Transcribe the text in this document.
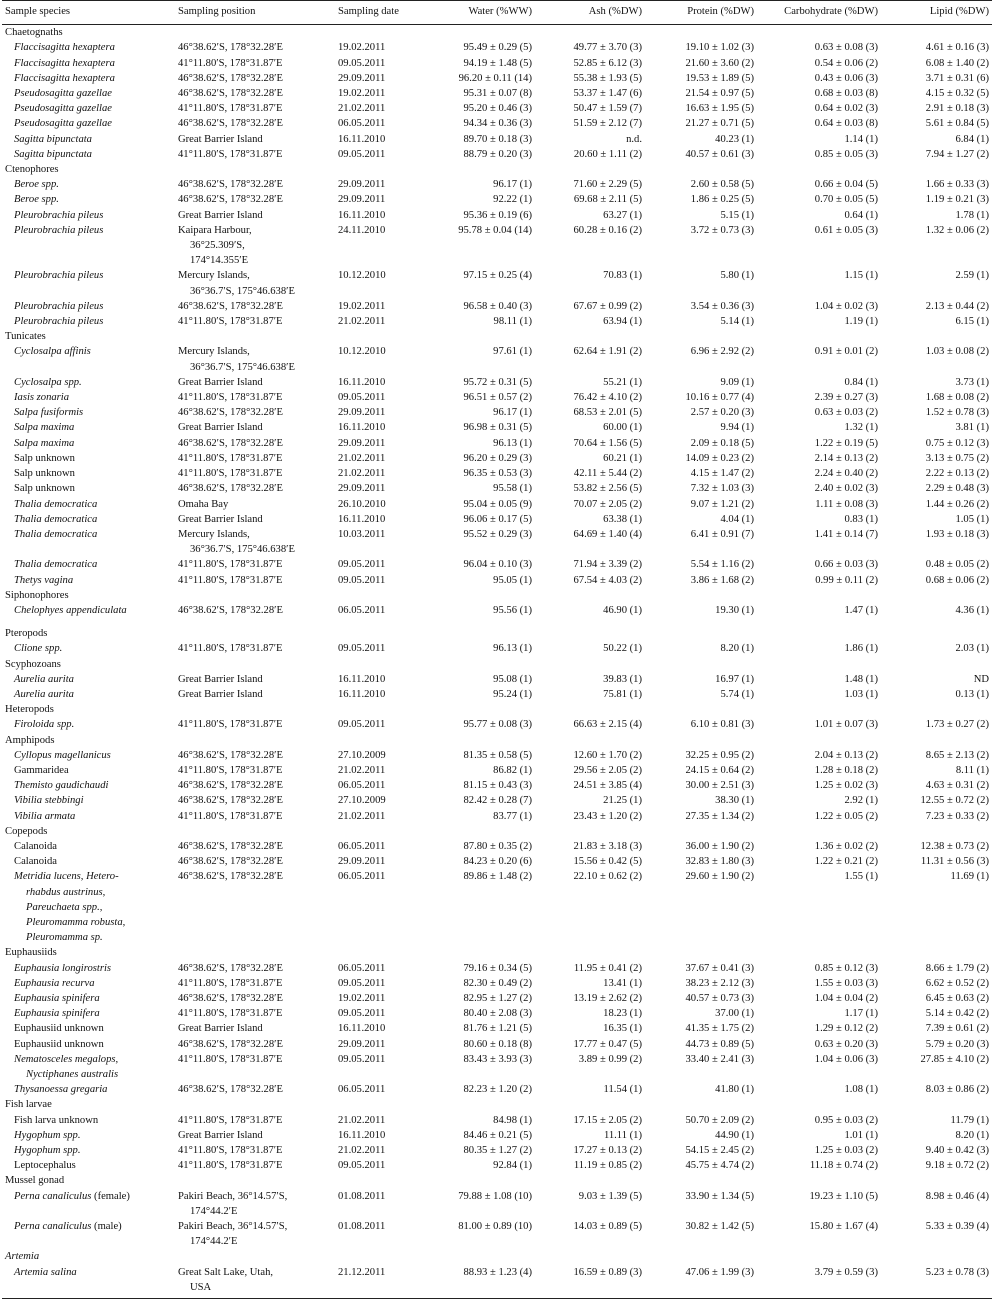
Sample species	Sampling position	Sampling date	Water (%WW)	Ash (%DW)	Protein (%DW)	Carbohydrate (%DW)	Lipid (%DW)
Chaetognaths							
Flaccisagitta hexaptera	46°38.62′S, 178°32.28′E	19.02.2011	95.49 ± 0.29 (5)	49.77 ± 3.70 (3)	19.10 ± 1.02 (3)	0.63 ± 0.08 (3)	4.61 ± 0.16 (3)
Flaccisagitta hexaptera	41°11.80′S, 178°31.87′E	09.05.2011	94.19 ± 1.48 (5)	52.85 ± 6.12 (3)	21.60 ± 3.60 (2)	0.54 ± 0.06 (2)	6.08 ± 1.40 (2)
Flaccisagitta hexaptera	46°38.62′S, 178°32.28′E	29.09.2011	96.20 ± 0.11 (14)	55.38 ± 1.93 (5)	19.53 ± 1.89 (5)	0.43 ± 0.06 (3)	3.71 ± 0.31 (6)
Pseudosagitta gazellae	46°38.62′S, 178°32.28′E	19.02.2011	95.31 ± 0.07 (8)	53.37 ± 1.47 (6)	21.54 ± 0.97 (5)	0.68 ± 0.03 (8)	4.15 ± 0.32 (5)
Pseudosagitta gazellae	41°11.80′S, 178°31.87′E	21.02.2011	95.20 ± 0.46 (3)	50.47 ± 1.59 (7)	16.63 ± 1.95 (5)	0.64 ± 0.02 (3)	2.91 ± 0.18 (3)
Pseudosagitta gazellae	46°38.62′S, 178°32.28′E	06.05.2011	94.34 ± 0.36 (3)	51.59 ± 2.12 (7)	21.27 ± 0.71 (5)	0.64 ± 0.03 (8)	5.61 ± 0.84 (5)
Sagitta bipunctata	Great Barrier Island	16.11.2010	89.70 ± 0.18 (3)	n.d.	40.23 (1)	1.14 (1)	6.84 (1)
Sagitta bipunctata	41°11.80′S, 178°31.87′E	09.05.2011	88.79 ± 0.20 (3)	20.60 ± 1.11 (2)	40.57 ± 0.61 (3)	0.85 ± 0.05 (3)	7.94 ± 1.27 (2)
Ctenophores							
Beroe spp.	46°38.62′S, 178°32.28′E	29.09.2011	96.17 (1)	71.60 ± 2.29 (5)	2.60 ± 0.58 (5)	0.66 ± 0.04 (5)	1.66 ± 0.33 (3)
Beroe spp.	46°38.62′S, 178°32.28′E	29.09.2011	92.22 (1)	69.68 ± 2.11 (5)	1.86 ± 0.25 (5)	0.70 ± 0.05 (5)	1.19 ± 0.21 (3)
Pleurobrachia pileus	Great Barrier Island	16.11.2010	95.36 ± 0.19 (6)	63.27 (1)	5.15 (1)	0.64 (1)	1.78 (1)
Pleurobrachia pileus	Kaipara Harbour,
36°25.309′S,
174°14.355′E	24.11.2010	95.78 ± 0.04 (14)	60.28 ± 0.16 (2)	3.72 ± 0.73 (3)	0.61 ± 0.05 (3)	1.32 ± 0.06 (2)
Pleurobrachia pileus	Mercury Islands,
36°36.7′S, 175°46.638′E	10.12.2010	97.15 ± 0.25 (4)	70.83 (1)	5.80 (1)	1.15 (1)	2.59 (1)
Pleurobrachia pileus	46°38.62′S, 178°32.28′E	19.02.2011	96.58 ± 0.40 (3)	67.67 ± 0.99 (2)	3.54 ± 0.36 (3)	1.04 ± 0.02 (3)	2.13 ± 0.44 (2)
Pleurobrachia pileus	41°11.80′S, 178°31.87′E	21.02.2011	98.11 (1)	63.94 (1)	5.14 (1)	1.19 (1)	6.15 (1)
Tunicates							
Cyclosalpa affinis	Mercury Islands,
36°36.7′S, 175°46.638′E	10.12.2010	97.61 (1)	62.64 ± 1.91 (2)	6.96 ± 2.92 (2)	0.91 ± 0.01 (2)	1.03 ± 0.08 (2)
Cyclosalpa spp.	Great Barrier Island	16.11.2010	95.72 ± 0.31 (5)	55.21 (1)	9.09 (1)	0.84 (1)	3.73 (1)
Iasis zonaria	41°11.80′S, 178°31.87′E	09.05.2011	96.51 ± 0.57 (2)	76.42 ± 4.10 (2)	10.16 ± 0.77 (4)	2.39 ± 0.27 (3)	1.68 ± 0.08 (2)
Salpa fusiformis	46°38.62′S, 178°32.28′E	29.09.2011	96.17 (1)	68.53 ± 2.01 (5)	2.57 ± 0.20 (3)	0.63 ± 0.03 (2)	1.52 ± 0.78 (3)
Salpa maxima	Great Barrier Island	16.11.2010	96.98 ± 0.31 (5)	60.00 (1)	9.94 (1)	1.32 (1)	3.81 (1)
Salpa maxima	46°38.62′S, 178°32.28′E	29.09.2011	96.13 (1)	70.64 ± 1.56 (5)	2.09 ± 0.18 (5)	1.22 ± 0.19 (5)	0.75 ± 0.12 (3)
Salp unknown	41°11.80′S, 178°31.87′E	21.02.2011	96.20 ± 0.29 (3)	60.21 (1)	14.09 ± 0.23 (2)	2.14 ± 0.13 (2)	3.13 ± 0.75 (2)
Salp unknown	41°11.80′S, 178°31.87′E	21.02.2011	96.35 ± 0.53 (3)	42.11 ± 5.44 (2)	4.15 ± 1.47 (2)	2.24 ± 0.40 (2)	2.22 ± 0.13 (2)
Salp unknown	46°38.62′S, 178°32.28′E	29.09.2011	95.58 (1)	53.82 ± 2.56 (5)	7.32 ± 1.03 (3)	2.40 ± 0.02 (3)	2.29 ± 0.48 (3)
Thalia democratica	Omaha Bay	26.10.2010	95.04 ± 0.05 (9)	70.07 ± 2.05 (2)	9.07 ± 1.21 (2)	1.11 ± 0.08 (3)	1.44 ± 0.26 (2)
Thalia democratica	Great Barrier Island	16.11.2010	96.06 ± 0.17 (5)	63.38 (1)	4.04 (1)	0.83 (1)	1.05 (1)
Thalia democratica	Mercury Islands,
36°36.7′S, 175°46.638′E	10.03.2011	95.52 ± 0.29 (3)	64.69 ± 1.40 (4)	6.41 ± 0.91 (7)	1.41 ± 0.14 (7)	1.93 ± 0.18 (3)
Thalia democratica	41°11.80′S, 178°31.87′E	09.05.2011	96.04 ± 0.10 (3)	71.94 ± 3.39 (2)	5.54 ± 1.16 (2)	0.66 ± 0.03 (3)	0.48 ± 0.05 (2)
Thetys vagina	41°11.80′S, 178°31.87′E	09.05.2011	95.05 (1)	67.54 ± 4.03 (2)	3.86 ± 1.68 (2)	0.99 ± 0.11 (2)	0.68 ± 0.06 (2)
Siphonophores							
Chelophyes appendiculata	46°38.62′S, 178°32.28′E	06.05.2011	95.56 (1)	46.90 (1)	19.30 (1)	1.47 (1)	4.36 (1)
Pteropods							
Clione spp.	41°11.80′S, 178°31.87′E	09.05.2011	96.13 (1)	50.22 (1)	8.20 (1)	1.86 (1)	2.03 (1)
Scyphozoans							
Aurelia aurita	Great Barrier Island	16.11.2010	95.08 (1)	39.83 (1)	16.97 (1)	1.48 (1)	ND
Aurelia aurita	Great Barrier Island	16.11.2010	95.24 (1)	75.81 (1)	5.74 (1)	1.03 (1)	0.13 (1)
Heteropods							
Firoloida spp.	41°11.80′S, 178°31.87′E	09.05.2011	95.77 ± 0.08 (3)	66.63 ± 2.15 (4)	6.10 ± 0.81 (3)	1.01 ± 0.07 (3)	1.73 ± 0.27 (2)
Amphipods							
Cyllopus magellanicus	46°38.62′S, 178°32.28′E	27.10.2009	81.35 ± 0.58 (5)	12.60 ± 1.70 (2)	32.25 ± 0.95 (2)	2.04 ± 0.13 (2)	8.65 ± 2.13 (2)
Gammaridea	41°11.80′S, 178°31.87′E	21.02.2011	86.82 (1)	29.56 ± 2.05 (2)	24.15 ± 0.64 (2)	1.28 ± 0.18 (2)	8.11 (1)
Themisto gaudichaudi	46°38.62′S, 178°32.28′E	06.05.2011	81.15 ± 0.43 (3)	24.51 ± 3.85 (4)	30.00 ± 2.51 (3)	1.25 ± 0.02 (3)	4.63 ± 0.31 (2)
Vibilia stebbingi	46°38.62′S, 178°32.28′E	27.10.2009	82.42 ± 0.28 (7)	21.25 (1)	38.30 (1)	2.92 (1)	12.55 ± 0.72 (2)
Vibilia armata	41°11.80′S, 178°31.87′E	21.02.2011	83.77 (1)	23.43 ± 1.20 (2)	27.35 ± 1.34 (2)	1.22 ± 0.05 (2)	7.23 ± 0.33 (2)
Copepods							
Calanoida	46°38.62′S, 178°32.28′E	06.05.2011	87.80 ± 0.35 (2)	21.83 ± 3.18 (3)	36.00 ± 1.90 (2)	1.36 ± 0.02 (2)	12.38 ± 0.73 (2)
Calanoida	46°38.62′S, 178°32.28′E	29.09.2011	84.23 ± 0.20 (6)	15.56 ± 0.42 (5)	32.83 ± 1.80 (3)	1.22 ± 0.21 (2)	11.31 ± 0.56 (3)

Metridia lucens, Hetero-
rhabdus austrinus,
Pareuchaeta spp.,
Pleuromamma robusta,
Pleuromamma sp.	46°38.62′S, 178°32.28′E	06.05.2011	89.86 ± 1.48 (2)	22.10 ± 0.62 (2)	29.60 ± 1.90 (2)	1.55 (1)	11.69 (1)
Euphausiids							
Euphausia longirostris	46°38.62′S, 178°32.28′E	06.05.2011	79.16 ± 0.34 (5)	11.95 ± 0.41 (2)	37.67 ± 0.41 (3)	0.85 ± 0.12 (3)	8.66 ± 1.79 (2)
Euphausia recurva	41°11.80′S, 178°31.87′E	09.05.2011	82.30 ± 0.49 (2)	13.41 (1)	38.23 ± 2.12 (3)	1.55 ± 0.03 (3)	6.62 ± 0.52 (2)
Euphausia spinifera	46°38.62′S, 178°32.28′E	19.02.2011	82.95 ± 1.27 (2)	13.19 ± 2.62 (2)	40.57 ± 0.73 (3)	1.04 ± 0.04 (2)	6.45 ± 0.63 (2)
Euphausia spinifera	41°11.80′S, 178°31.87′E	09.05.2011	80.40 ± 2.08 (3)	18.23 (1)	37.00 (1)	1.17 (1)	5.14 ± 0.42 (2)
Euphausiid unknown	Great Barrier Island	16.11.2010	81.76 ± 1.21 (5)	16.35 (1)	41.35 ± 1.75 (2)	1.29 ± 0.12 (2)	7.39 ± 0.61 (2)
Euphausiid unknown	46°38.62′S, 178°32.28′E	29.09.2011	80.60 ± 0.18 (8)	17.77 ± 0.47 (5)	44.73 ± 0.89 (5)	0.63 ± 0.20 (3)	5.79 ± 0.20 (3)

Nematosceles megalops,
Nyctiphanes australis	41°11.80′S, 178°31.87′E	09.05.2011	83.43 ± 3.93 (3)	3.89 ± 0.99 (2)	33.40 ± 2.41 (3)	1.04 ± 0.06 (3)	27.85 ± 4.10 (2)
Thysanoessa gregaria	46°38.62′S, 178°32.28′E	06.05.2011	82.23 ± 1.20 (2)	11.54 (1)	41.80 (1)	1.08 (1)	8.03 ± 0.86 (2)
Fish larvae							
Fish larva unknown	41°11.80′S, 178°31.87′E	21.02.2011	84.98 (1)	17.15 ± 2.05 (2)	50.70 ± 2.09 (2)	0.95 ± 0.03 (2)	11.79 (1)
Hygophum spp.	Great Barrier Island	16.11.2010	84.46 ± 0.21 (5)	11.11 (1)	44.90 (1)	1.01 (1)	8.20 (1)
Hygophum spp.	41°11.80′S, 178°31.87′E	21.02.2011	80.35 ± 1.27 (2)	17.27 ± 0.13 (2)	54.15 ± 2.45 (2)	1.25 ± 0.03 (2)	9.40 ± 0.42 (3)
Leptocephalus	41°11.80′S, 178°31.87′E	09.05.2011	92.84 (1)	11.19 ± 0.85 (2)	45.75 ± 4.74 (2)	11.18 ± 0.74 (2)	9.18 ± 0.72 (2)
Mussel gonad							
Perna canaliculus (female)	Pakiri Beach, 36°14.57′S,
174°44.2′E	01.08.2011	79.88 ± 1.08 (10)	9.03 ± 1.39 (5)	33.90 ± 1.34 (5)	19.23 ± 1.10 (5)	8.98 ± 0.46 (4)
Perna canaliculus (male)	Pakiri Beach, 36°14.57′S,
174°44.2′E	01.08.2011	81.00 ± 0.89 (10)	14.03 ± 0.89 (5)	30.82 ± 1.42 (5)	15.80 ± 1.67 (4)	5.33 ± 0.39 (4)
Artemia							
Artemia salina	Great Salt Lake, Utah,
USA	21.12.2011	88.93 ± 1.23 (4)	16.59 ± 0.89 (3)	47.06 ± 1.99 (3)	3.79 ± 0.59 (3)	5.23 ± 0.78 (3)
